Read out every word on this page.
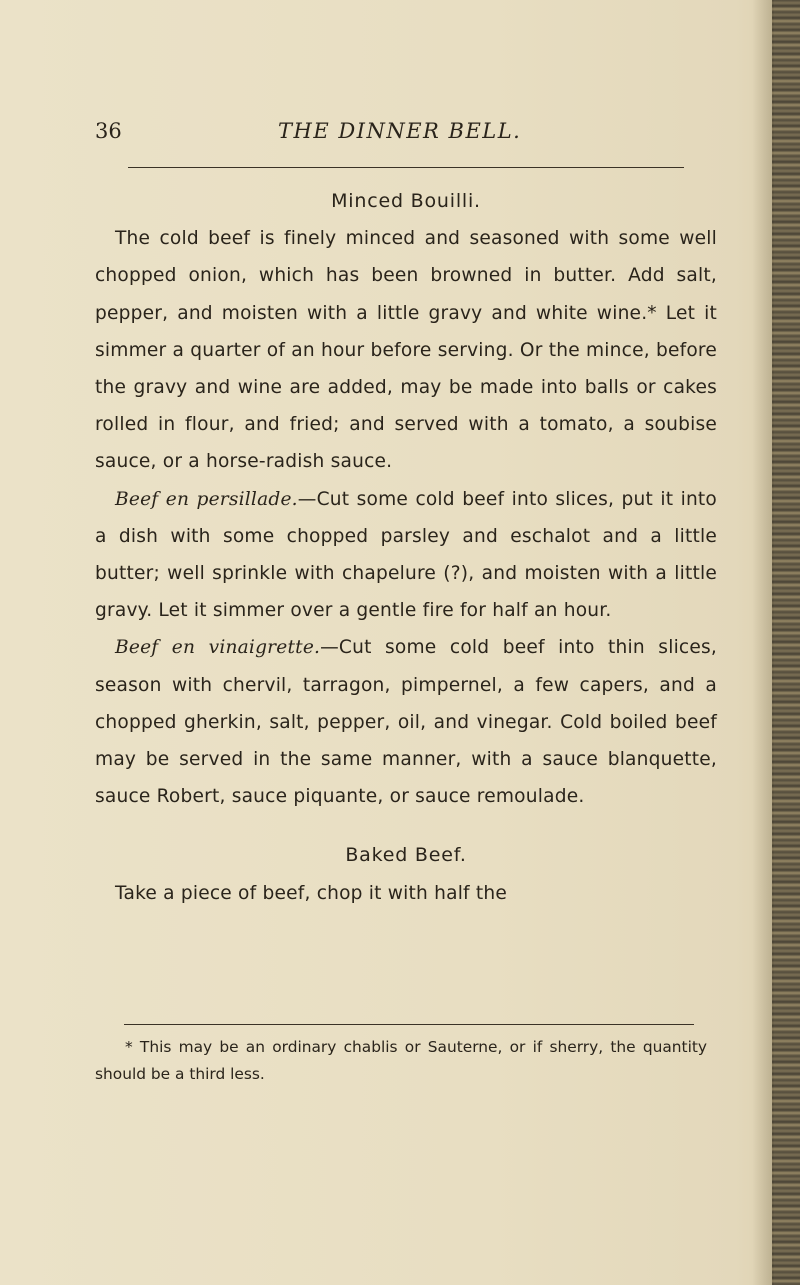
36	THE DINNER BELL.
Minced Bouilli.

The cold beef is finely minced and seasoned with some well chopped onion, which has been browned in butter. Add salt, pepper, and moisten with a little gravy and white wine.* Let it simmer a quarter of an hour before serving. Or the mince, before the gravy and wine are added, may be made into balls or cakes rolled in flour, and fried; and served with a tomato, a soubise sauce, or a horse-radish sauce.

Beef en persillade.—Cut some cold beef into slices, put it into a dish with some chopped parsley and eschalot and a little butter; well sprinkle with chapelure (?), and moisten with a little gravy. Let it simmer over a gentle fire for half an hour.

Beef en vinaigrette.—Cut some cold beef into thin slices, season with chervil, tarragon, pimpernel, a few capers, and a chopped gherkin, salt, pepper, oil, and vinegar. Cold boiled beef may be served in the same manner, with a sauce blanquette, sauce Robert, sauce piquante, or sauce remoulade.

Baked Beef.

Take a piece of beef, chop it with half the

* This may be an ordinary chablis or Sauterne, or if sherry, the quantity should be a third less.
